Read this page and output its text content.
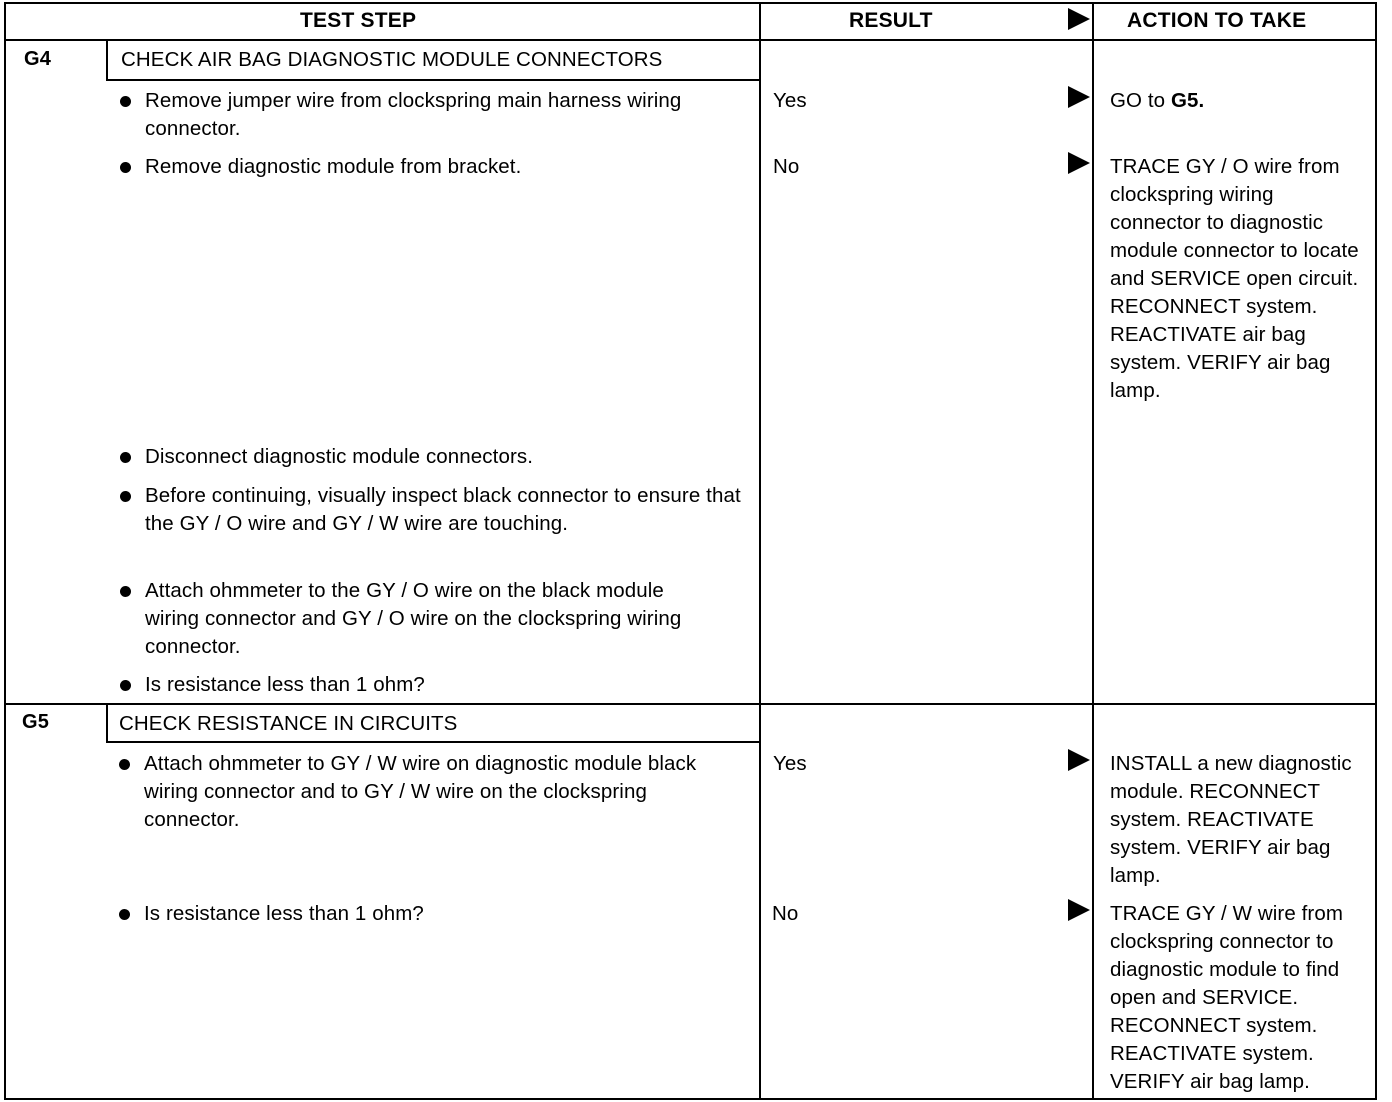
TEST STEP	RESULT	ACTION TO TAKE
G4	CHECK AIR BAG DIAGNOSTIC MODULE CONNECTORS
Remove jumper wire from clockspring main harness wiring connector.
Remove diagnostic module from bracket.
Disconnect diagnostic module connectors.
Before continuing, visually inspect black connector to ensure that the GY / O wire and GY / W wire are touching.
Attach ohmmeter to the GY / O wire on the black module wiring connector and GY / O wire on the clockspring wiring connector.
Is resistance less than 1 ohm?
Yes	GO to G5.
No	TRACE GY / O wire from clockspring wiring connector to diagnostic module connector to locate and SERVICE open circuit. RECONNECT system. REACTIVATE air bag system. VERIFY air bag lamp.
G5	CHECK RESISTANCE IN CIRCUITS
Attach ohmmeter to GY / W wire on diagnostic module black wiring connector and to GY / W wire on the clockspring connector.
Is resistance less than 1 ohm?
Yes	INSTALL a new diagnostic module. RECONNECT system. REACTIVATE system. VERIFY air bag lamp.
No	TRACE GY / W wire from clockspring connector to diagnostic module to find open and SERVICE. RECONNECT system. REACTIVATE system. VERIFY air bag lamp.
